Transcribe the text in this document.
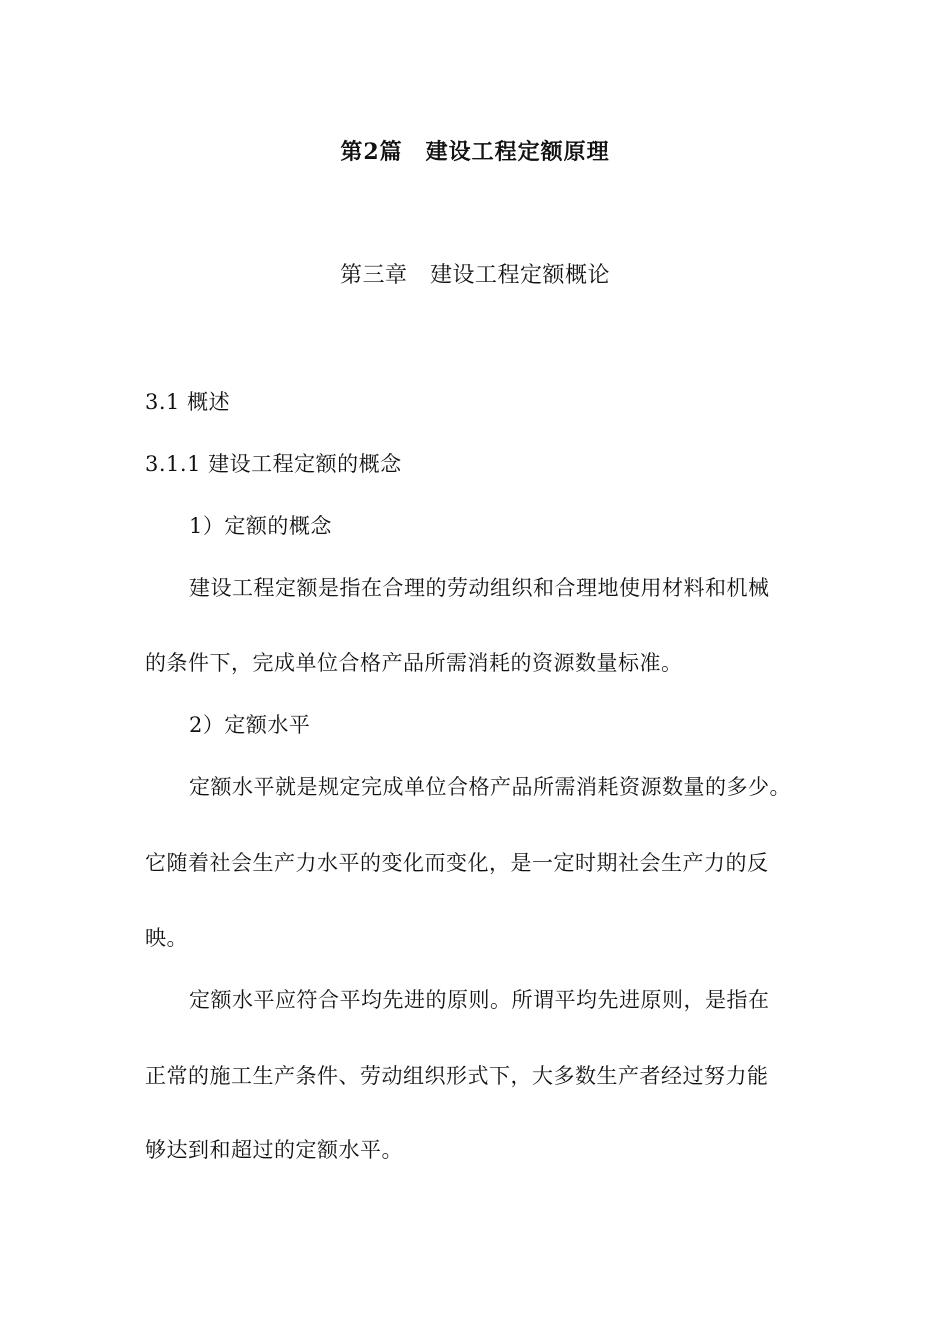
第2篇　建设工程定额原理
第三章　建设工程定额概论
3.1 概述
3.1.1 建设工程定额的概念
1）定额的概念
建设工程定额是指在合理的劳动组织和合理地使用材料和机械
的条件下，完成单位合格产品所需消耗的资源数量标准。
2）定额水平
定额水平就是规定完成单位合格产品所需消耗资源数量的多少。
它随着社会生产力水平的变化而变化，是一定时期社会生产力的反
映。
定额水平应符合平均先进的原则。所谓平均先进原则，是指在
正常的施工生产条件、劳动组织形式下，大多数生产者经过努力能
够达到和超过的定额水平。
